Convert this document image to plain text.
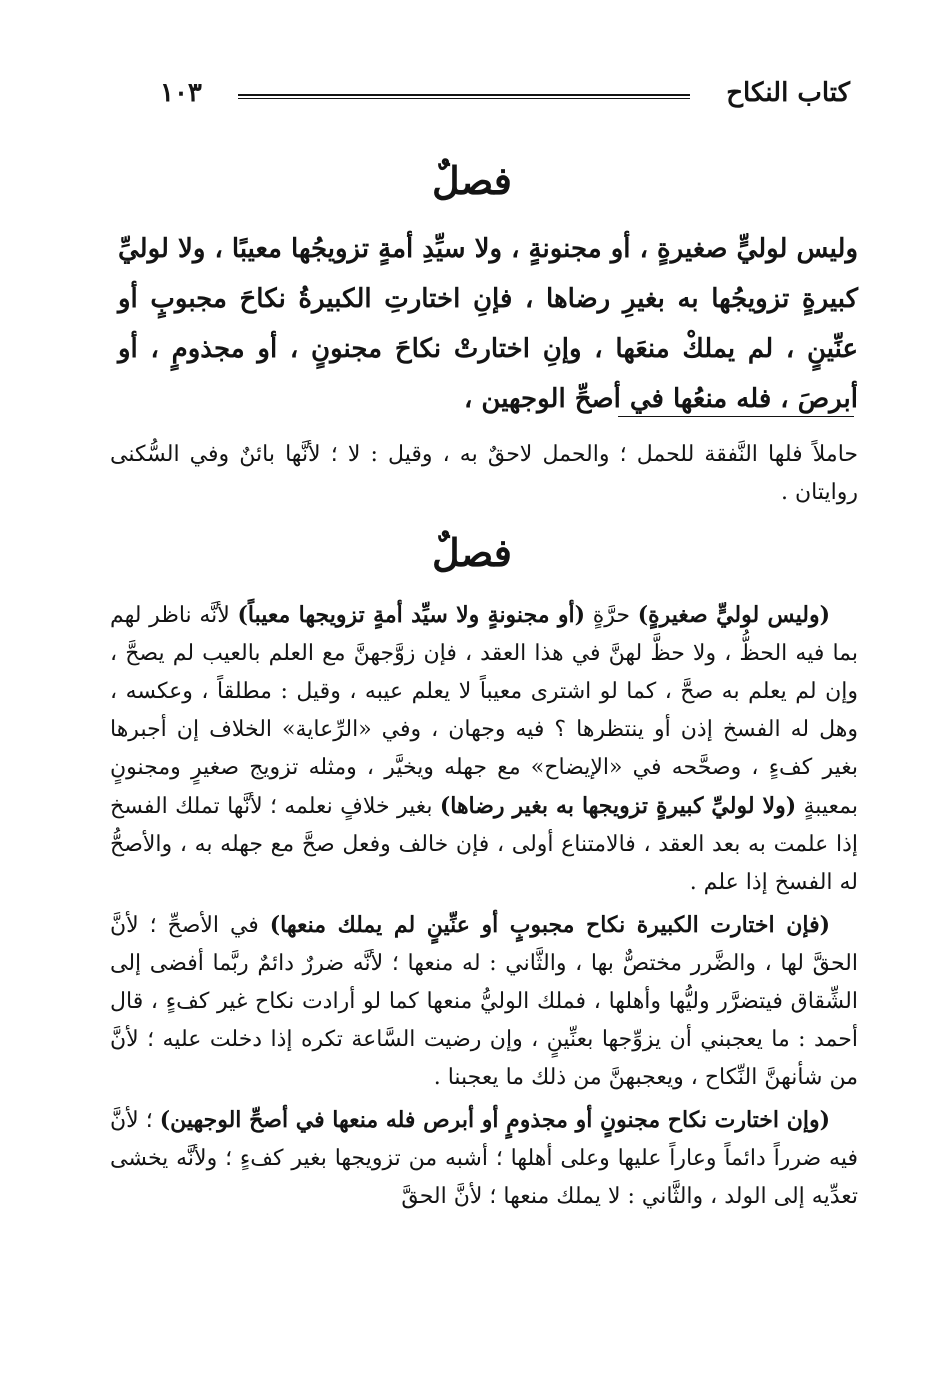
كتاب النكاح
١٠٣
فصلٌ
وليس لوليٍّ صغيرةٍ ، أو مجنونةٍ ، ولا سيِّدِ أمةٍ تزويجُها معيبًا ، ولا لوليِّ كبيرةٍ تزويجُها به بغيرِ رضاها ، فإنِ اختارتِ الكبيرةُ نكاحَ مجبوبٍ أو عنِّينٍ ، لم يملكْ منعَها ، وإنِ اختارتْ نكاحَ مجنونٍ ، أو مجذومٍ ، أو أبرصَ ، فله منعُها في أصحِّ الوجهين ،

حاملاً فلها النَّفقة للحمل ؛ والحمل لاحقٌ به ، وقيل : لا ؛ لأنَّها بائنٌ وفي السُّكنى روايتان .

فصلٌ

(وليس لوليٍّ صغيرةٍ) حرَّةٍ (أو مجنونةٍ ولا سيِّد أمةٍ تزويجها معيباً) لأنَّه ناظر لهم بما فيه الحظُّ ، ولا حظَّ لهنَّ في هذا العقد ، فإن زوَّجهنَّ مع العلم بالعيب لم يصحَّ ، وإن لم يعلم به صحَّ ، كما لو اشترى معيباً لا يعلم عيبه ، وقيل : مطلقاً ، وعكسه ، وهل له الفسخ إذن أو ينتظرها ؟ فيه وجهان ، وفي «الرِّعاية» الخلاف إن أجبرها بغير كفءٍ ، وصحَّحه في «الإيضاح» مع جهله ويخيَّر ، ومثله تزويج صغيرٍ ومجنونٍ بمعيبةٍ (ولا لوليِّ كبيرةٍ تزويجها به بغير رضاها) بغير خلافٍ نعلمه ؛ لأنَّها تملك الفسخ إذا علمت به بعد العقد ، فالامتناع أولى ، فإن خالف وفعل صحَّ مع جهله به ، والأصحُّ له الفسخ إذا علم .

(فإن اختارت الكبيرة نكاح مجبوبٍ أو عنِّينٍ لم يملك منعها) في الأصحِّ ؛ لأنَّ الحقَّ لها ، والضَّرر مختصٌّ بها ، والثَّاني : له منعها ؛ لأنَّه ضررٌ دائمٌ ربَّما أفضى إلى الشِّقاق فيتضرَّر وليُّها وأهلها ، فملك الوليُّ منعها كما لو أرادت نكاح غير كفءٍ ، قال أحمد : ما يعجبني أن يزوِّجها بعنِّينٍ ، وإن رضيت السَّاعة تكره إذا دخلت عليه ؛ لأنَّ من شأنهنَّ النِّكاح ، ويعجبهنَّ من ذلك ما يعجبنا .

(وإن اختارت نكاح مجنونٍ أو مجذومٍ أو أبرص فله منعها في أصحِّ الوجهين) ؛ لأنَّ فيه ضرراً دائماً وعاراً عليها وعلى أهلها ؛ أشبه من تزويجها بغير كفءٍ ؛ ولأنَّه يخشى تعدِّيه إلى الولد ، والثَّاني : لا يملك منعها ؛ لأنَّ الحقَّ
